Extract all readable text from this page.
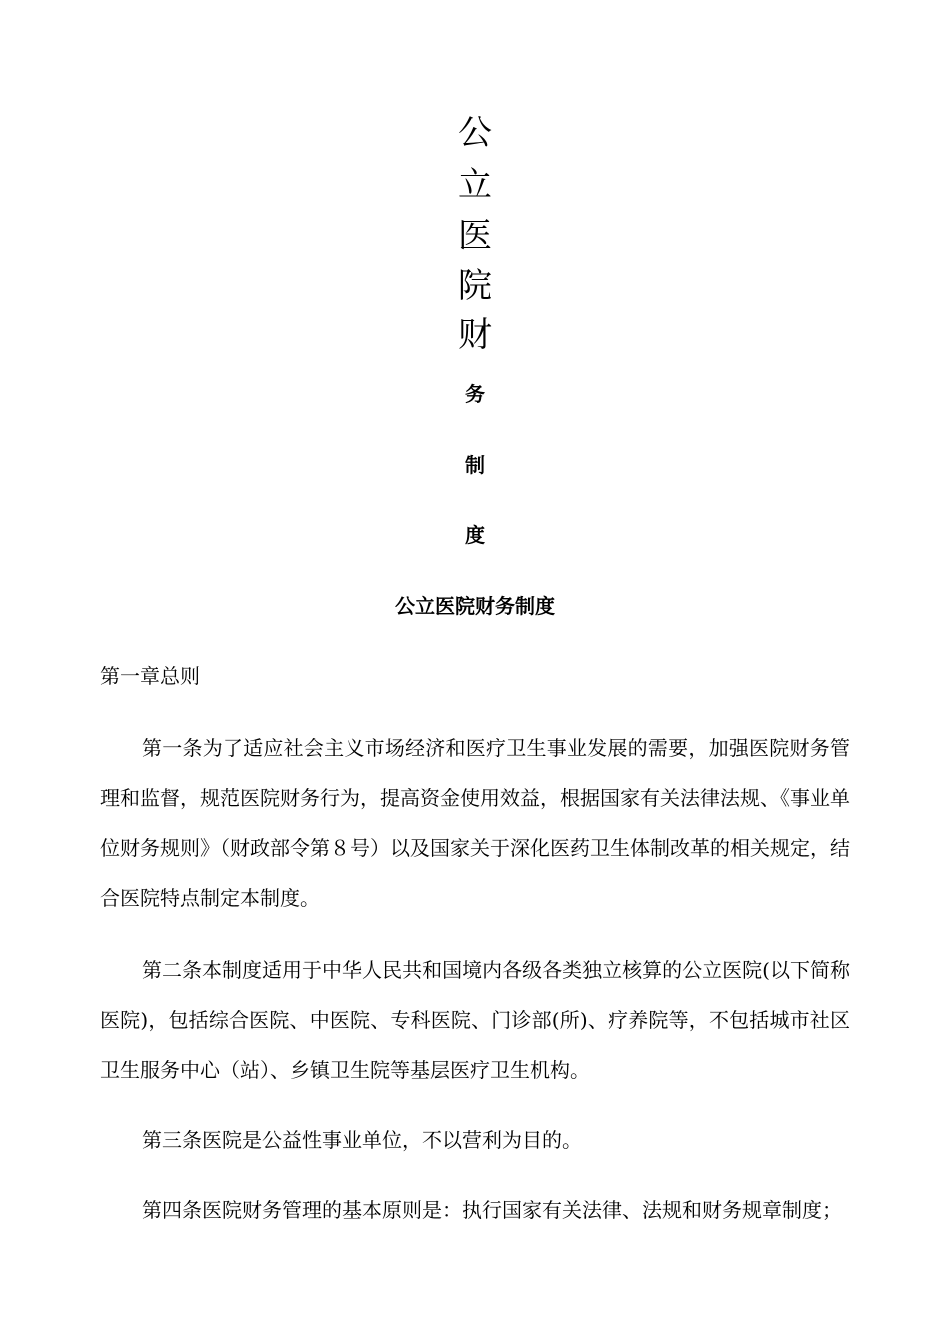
公
立
医
院
财
务
制
度
公立医院财务制度
第一章总则

第一条为了适应社会主义市场经济和医疗卫生事业发展的需要，加强医院财务管理和监督，规范医院财务行为，提高资金使用效益，根据国家有关法律法规、《事业单位财务规则》（财政部令第８号）以及国家关于深化医药卫生体制改革的相关规定，结合医院特点制定本制度。

第二条本制度适用于中华人民共和国境内各级各类独立核算的公立医院(以下简称医院)，包括综合医院、中医院、专科医院、门诊部(所)、疗养院等，不包括城市社区卫生服务中心（站）、乡镇卫生院等基层医疗卫生机构。

第三条医院是公益性事业单位，不以营利为目的。

第四条医院财务管理的基本原则是：执行国家有关法律、法规和财务规章制度；
